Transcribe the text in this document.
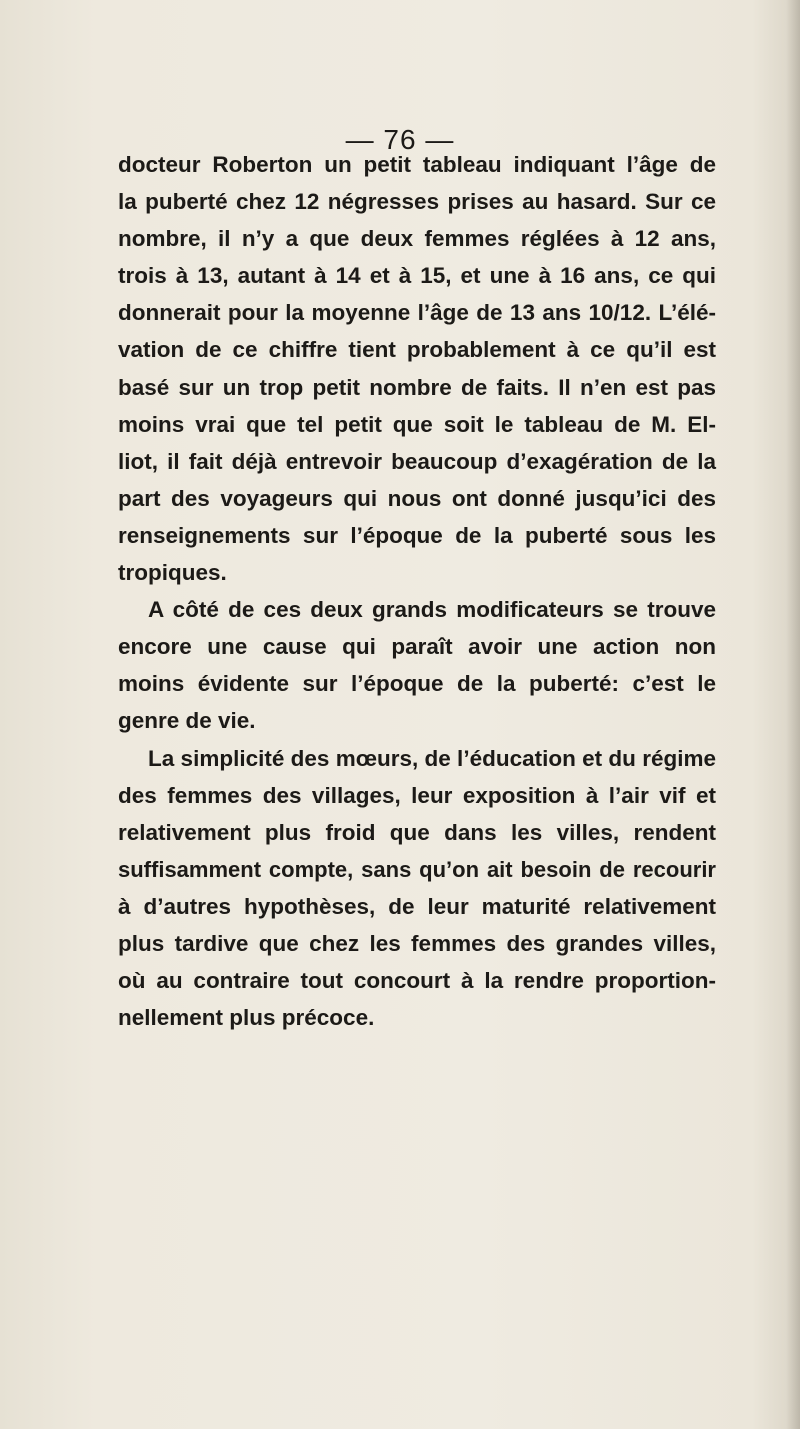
— 76 —
docteur Roberton un petit tableau indiquant l’âge de
la puberté chez 12 négresses prises au hasard. Sur ce
nombre, il n’y a que deux femmes réglées à 12 ans,
trois à 13, autant à 14 et à 15, et une à 16 ans, ce qui
donnerait pour la moyenne l’âge de 13 ans 10/12. L’élé-
vation de ce chiffre tient probablement à ce qu’il est
basé sur un trop petit nombre de faits. Il n’en est pas
moins vrai que tel petit que soit le tableau de M. El-
liot, il fait déjà entrevoir beaucoup d’exagération de la
part des voyageurs qui nous ont donné jusqu’ici des
renseignements sur l’époque de la puberté sous les
tropiques.
A côté de ces deux grands modificateurs se trouve
encore une cause qui paraît avoir une action non
moins évidente sur l’époque de la puberté: c’est le
genre de vie.
La simplicité des mœurs, de l’éducation et du régime
des femmes des villages, leur exposition à l’air vif et
relativement plus froid que dans les villes, rendent
suffisamment compte, sans qu’on ait besoin de recourir
à d’autres hypothèses, de leur maturité relativement
plus tardive que chez les femmes des grandes villes,
où au contraire tout concourt à la rendre proportion-
nellement plus précoce.
